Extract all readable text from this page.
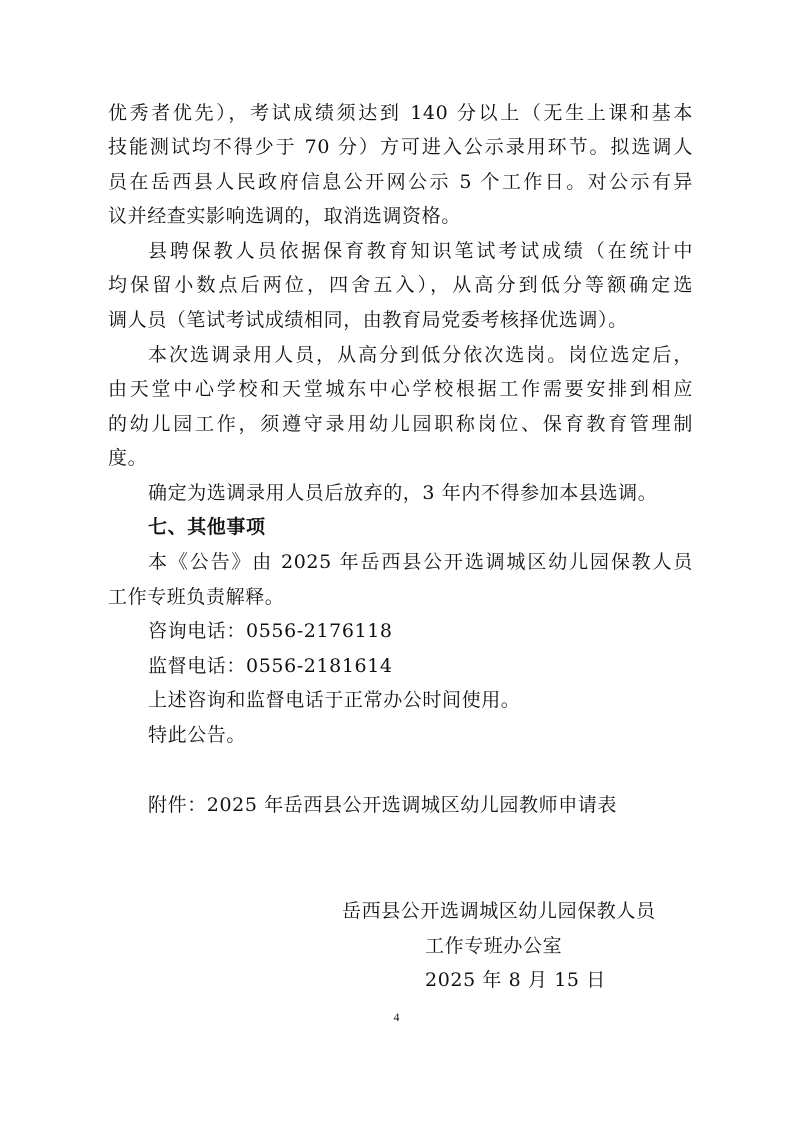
优秀者优先），考试成绩须达到 140 分以上（无生上课和基本
技能测试均不得少于 70 分）方可进入公示录用环节。拟选调人
员在岳西县人民政府信息公开网公示 5 个工作日。对公示有异
议并经查实影响选调的，取消选调资格。
县聘保教人员依据保育教育知识笔试考试成绩（在统计中
均保留小数点后两位，四舍五入），从高分到低分等额确定选
调人员（笔试考试成绩相同，由教育局党委考核择优选调）。
本次选调录用人员，从高分到低分依次选岗。岗位选定后，
由天堂中心学校和天堂城东中心学校根据工作需要安排到相应
的幼儿园工作，须遵守录用幼儿园职称岗位、保育教育管理制
度。
确定为选调录用人员后放弃的，3 年内不得参加本县选调。
七、其他事项
本《公告》由 2025 年岳西县公开选调城区幼儿园保教人员
工作专班负责解释。
咨询电话：0556-2176118
监督电话：0556-2181614
上述咨询和监督电话于正常办公时间使用。
特此公告。
附件：2025 年岳西县公开选调城区幼儿园教师申请表
岳西县公开选调城区幼儿园保教人员
工作专班办公室
2025 年 8 月 15 日
4
